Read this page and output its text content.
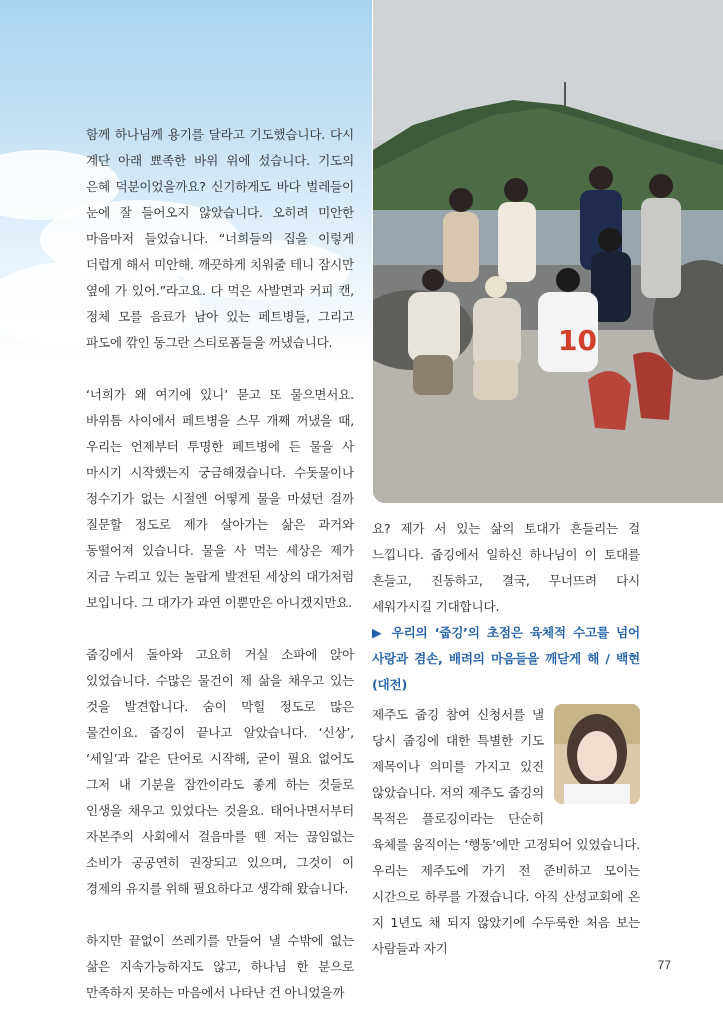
함께 하나님께 용기를 달라고 기도했습니다. 다시 계단 아래 뾰족한 바위 위에 섰습니다. 기도의 은혜 덕분이었을까요? 신기하게도 바다 벌레들이 눈에 잘 들어오지 않았습니다. 오히려 미안한 마음마저 들었습니다. “너희들의 집을 이렇게 더럽게 해서 미안해. 깨끗하게 치워줄 테니 잠시만 옆에 가 있어.”라고요. 다 먹은 사발면과 커피 캔, 정체 모를 음료가 남아 있는 페트병들, 그리고 파도에 깎인 동그란 스티로폼들을 꺼냈습니다.

‘너희가 왜 여기에 있니’ 묻고 또 물으면서요. 바위틈 사이에서 페트병을 스무 개째 꺼냈을 때, 우리는 언제부터 투명한 페트병에 든 물을 사 마시기 시작했는지 궁금해졌습니다. 수돗물이나 정수기가 없는 시절엔 어떻게 물을 마셨던 걸까 질문할 정도로 제가 살아가는 삶은 과거와 동떨어져 있습니다. 물을 사 먹는 세상은 제가 지금 누리고 있는 놀랍게 발전된 세상의 대가처럼 보입니다. 그 대가가 과연 이뿐만은 아니겠지만요.

줍깅에서 돌아와 고요히 거실 소파에 앉아 있었습니다. 수많은 물건이 제 삶을 채우고 있는 것을 발견합니다. 숨이 막힐 정도로 많은 물건이요. 줍깅이 끝나고 알았습니다. ‘신상’, ‘세일’과 같은 단어로 시작해, 굳이 필요 없어도 그저 내 기분을 잠깐이라도 좋게 하는 것들로 인생을 채우고 있었다는 것을요. 태어나면서부터 자본주의 사회에서 걸음마를 뗀 저는 끊임없는 소비가 공공연히 권장되고 있으며, 그것이 이 경제의 유지를 위해 필요하다고 생각해 왔습니다.

하지만 끝없이 쓰레기를 만들어 낼 수밖에 없는 삶은 지속가능하지도 않고, 하나님 한 분으로 만족하지 못하는 마음에서 나타난 건 아니었을까

10

요? 제가 서 있는 삶의 토대가 흔들리는 걸 느낍니다. 줍깅에서 일하신 하나님이 이 토대를 흔들고, 진동하고, 결국, 무너뜨려 다시 세워가시길 기대합니다.

▶ 우리의 ‘줍깅’의 초점은 육체적 수고를 넘어 사랑과 겸손, 배려의 마음들을 깨닫게 해 / 백현(대전)

제주도 줍깅 참여 신청서를 낼 당시 줍깅에 대한 특별한 기도 제목이나 의미를 가지고 있진 않았습니다. 저의 제주도 줍깅의 목적은 플로깅이라는 단순히 육체를 움직이는 ‘행동’에만 고정되어 있었습니다. 우리는 제주도에 가기 전 준비하고 모이는 시간으로 하루를 가졌습니다. 아직 산성교회에 온 지 1년도 채 되지 않았기에 수두룩한 처음 보는 사람들과 자기

77
